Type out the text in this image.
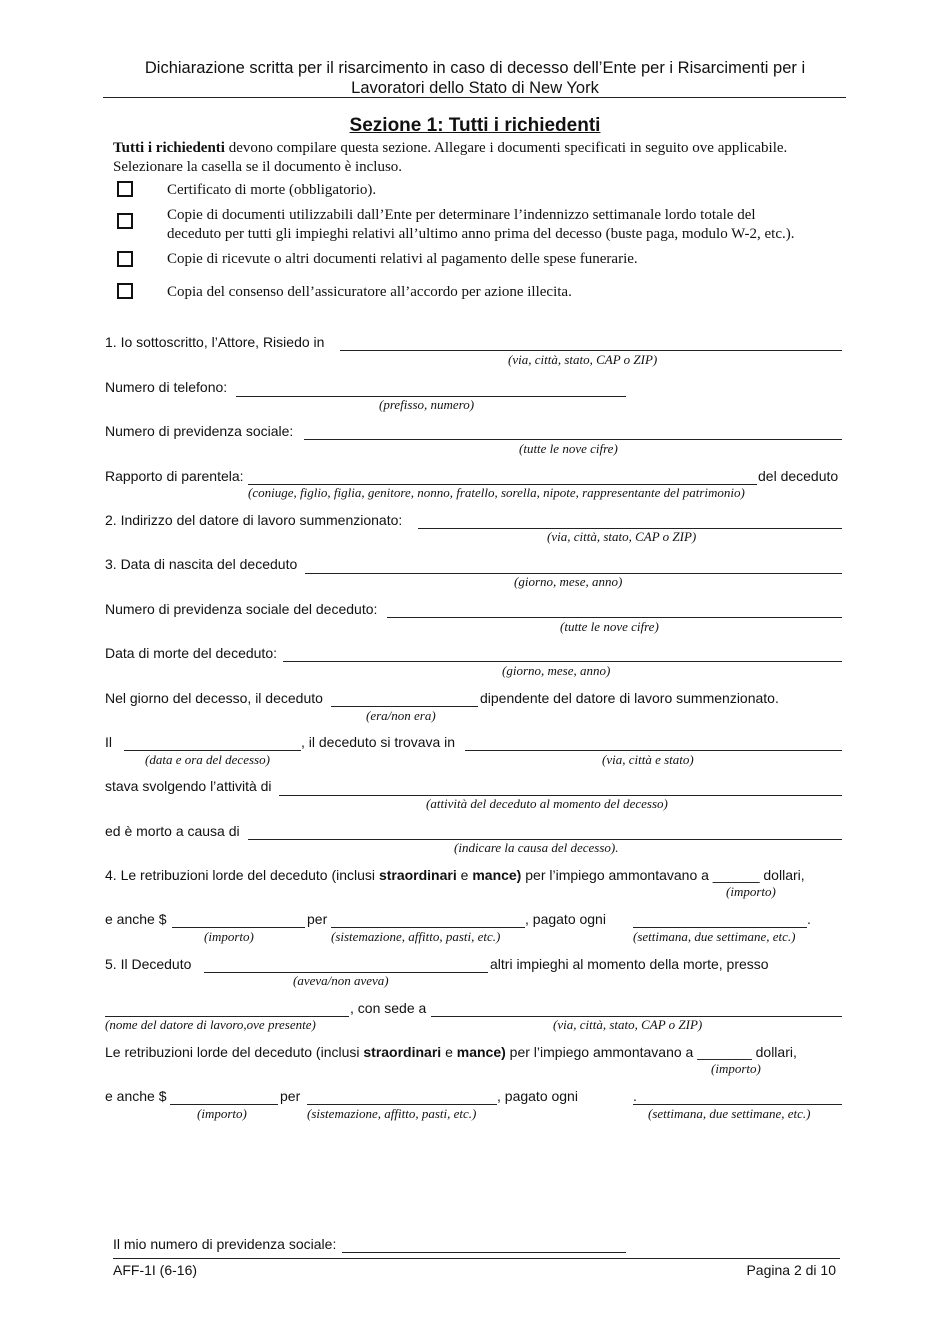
Dichiarazione scritta per il risarcimento in caso di decesso dell’Ente per i Risarcimenti per i
Lavoratori dello Stato di New York
Sezione 1: Tutti i richiedenti
Tutti i richiedenti devono compilare questa sezione. Allegare i documenti specificati in seguito ove applicabile.
Selezionare la casella se il documento è incluso.
Certificato di morte (obbligatorio).
Copie di documenti utilizzabili dall’Ente per determinare l’indennizzo settimanale lordo totale del
deceduto per tutti gli impieghi relativi all’ultimo anno prima del decesso (buste paga, modulo W-2, etc.).
Copie di ricevute o altri documenti relativi al pagamento delle spese funerarie.
Copia del consenso dell’assicuratore all’accordo per azione illecita.
1. Io sottoscritto, l’Attore, Risiedo in
(via, città, stato, CAP o ZIP)
Numero di telefono:
(prefisso, numero)
Numero di previdenza sociale:
(tutte le nove cifre)
Rapporto di parentela:	del deceduto
(coniuge, figlio, figlia, genitore, nonno, fratello, sorella, nipote, rappresentante del patrimonio)
2. Indirizzo del datore di lavoro summenzionato:
(via, città, stato, CAP o ZIP)
3. Data di nascita del deceduto
(giorno, mese, anno)
Numero di previdenza sociale del deceduto:
(tutte le nove cifre)
Data di morte del deceduto:
(giorno, mese, anno)
Nel giorno del decesso, il deceduto	dipendente del datore di lavoro summenzionato.
(era/non era)
Il	, il deceduto si trovava in
(data e ora del decesso)	(via, città e stato)
stava svolgendo l’attività di
(attività del deceduto al momento del decesso)
ed è morto a causa di
(indicare la causa del decesso).
4. Le retribuzioni lorde del deceduto (inclusi straordinari e mance) per l’impiego ammontavano a ______ dollari,
(importo)
e anche $	per	, pagato ogni	.
(importo)	(sistemazione, affitto, pasti, etc.)	(settimana, due settimane, etc.)
5. Il Deceduto	altri impieghi al momento della morte, presso
(aveva/non aveva)
, con sede a
(nome del datore di lavoro,ove presente)	(via, città, stato, CAP o ZIP)
Le retribuzioni lorde del deceduto (inclusi straordinari e mance) per l’impiego ammontavano a _______ dollari,
(importo)
e anche $	per	, pagato ogni	.
(importo)	(sistemazione, affitto, pasti, etc.)	(settimana, due settimane, etc.)
Il mio numero di previdenza sociale:
AFF-1I (6-16)	Pagina 2 di 10
